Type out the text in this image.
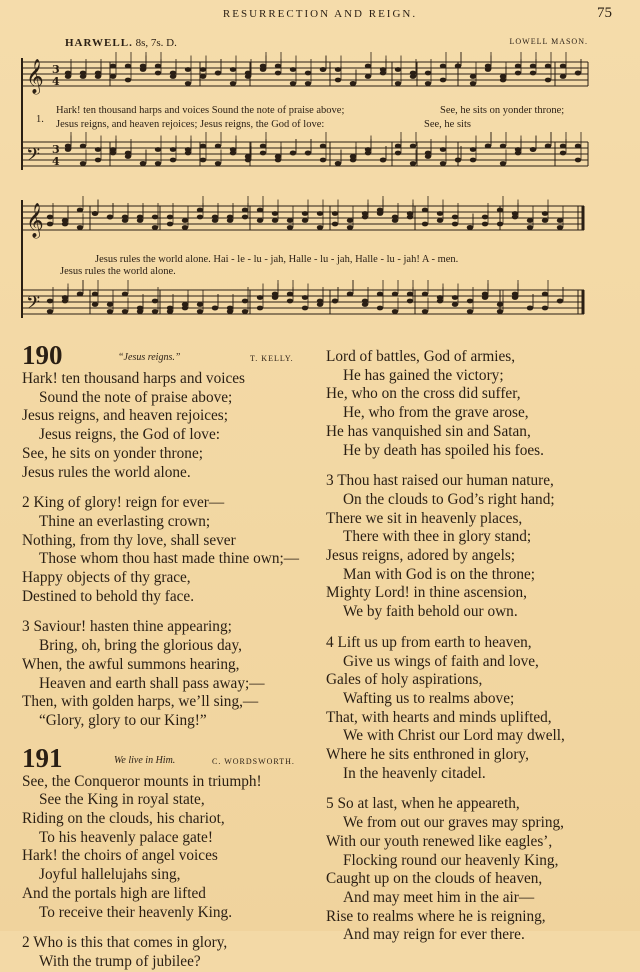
RESURRECTION AND REIGN.	75
HARWELL. 8s, 7s. D.	LOWELL MASON.
𝄞
𝄢
𝄞
𝄢
3
4
3
4
1.
Hark! ten thousand harps and voices Sound the note of praise above;	See, he sits on yonder throne;
Jesus reigns, and heaven rejoices; Jesus reigns, the God of love:	See, he sits
Jesus rules the world alone. Hai - le - lu - jah, Halle - lu - jah, Halle - lu - jah! A - men.
Jesus rules the world alone.
190	“Jesus reigns.”	T. KELLY.
Hark! ten thousand harps and voices
Sound the note of praise above;
Jesus reigns, and heaven rejoices;
Jesus reigns, the God of love:
See, he sits on yonder throne;
Jesus rules the world alone.
2 King of glory! reign for ever—
Thine an everlasting crown;
Nothing, from thy love, shall sever
Those whom thou hast made thine own;—
Happy objects of thy grace,
Destined to behold thy face.
3 Saviour! hasten thine appearing;
Bring, oh, bring the glorious day,
When, the awful summons hearing,
Heaven and earth shall pass away;—
Then, with golden harps, we’ll sing,—
“Glory, glory to our King!”
191	We live in Him.	C. WORDSWORTH.
See, the Conqueror mounts in triumph!
See the King in royal state,
Riding on the clouds, his chariot,
To his heavenly palace gate!
Hark! the choirs of angel voices
Joyful hallelujahs sing,
And the portals high are lifted
To receive their heavenly King.
2 Who is this that comes in glory,
With the trump of jubilee?
Lord of battles, God of armies,
He has gained the victory;
He, who on the cross did suffer,
He, who from the grave arose,
He has vanquished sin and Satan,
He by death has spoiled his foes.
3 Thou hast raised our human nature,
On the clouds to God’s right hand;
There we sit in heavenly places,
There with thee in glory stand;
Jesus reigns, adored by angels;
Man with God is on the throne;
Mighty Lord! in thine ascension,
We by faith behold our own.
4 Lift us up from earth to heaven,
Give us wings of faith and love,
Gales of holy aspirations,
Wafting us to realms above;
That, with hearts and minds uplifted,
We with Christ our Lord may dwell,
Where he sits enthroned in glory,
In the heavenly citadel.
5 So at last, when he appeareth,
We from out our graves may spring,
With our youth renewed like eagles’,
Flocking round our heavenly King,
Caught up on the clouds of heaven,
And may meet him in the air—
Rise to realms where he is reigning,
And may reign for ever there.
